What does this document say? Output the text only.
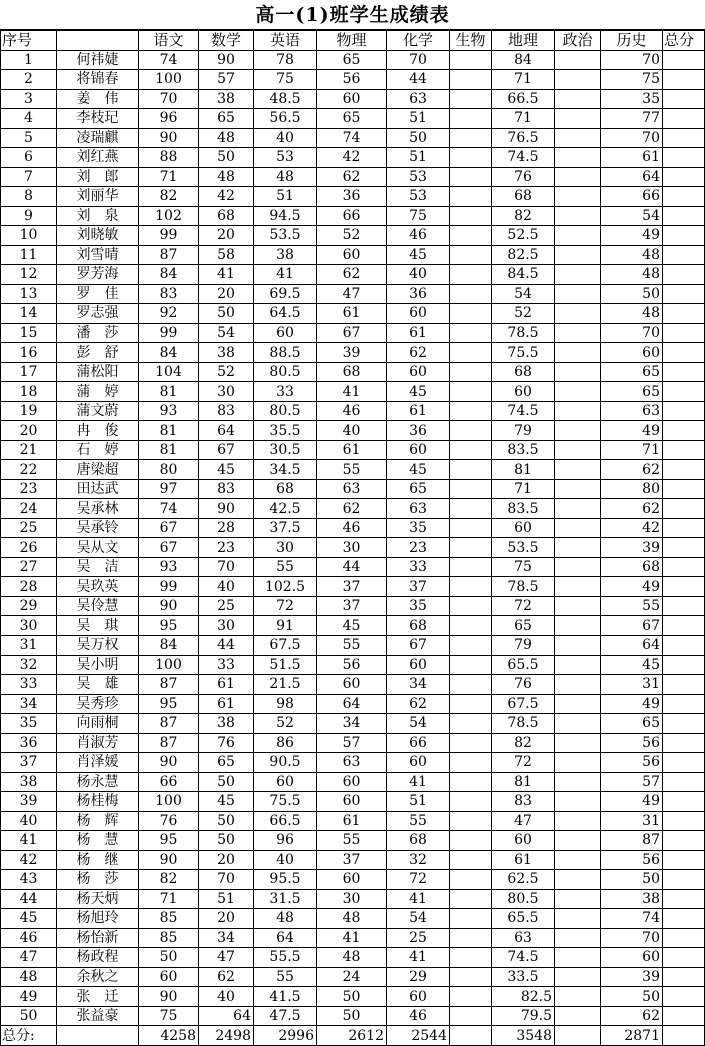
高一(1)班学生成绩表
序号		语文	数学	英语	物理	化学	生物	地理	政治	历史	总分
1	何祎婕	74	90	78	65	70		84		70	
2	将锦春	100	57	75	56	44		71		75	
3	姜　伟	70	38	48.5	60	63		66.5		35	
4	李枝玘	96	65	56.5	65	51		71		77	
5	凌瑞麒	90	48	40	74	50		76.5		70	
6	刘红燕	88	50	53	42	51		74.5		61	
7	刘　郎	71	48	48	62	53		76		64	
8	刘丽华	82	42	51	36	53		68		66	
9	刘　泉	102	68	94.5	66	75		82		54	
10	刘晓敏	99	20	53.5	52	46		52.5		49	
11	刘雪晴	87	58	38	60	45		82.5		48	
12	罗芳海	84	41	41	62	40		84.5		48	
13	罗　佳	83	20	69.5	47	36		54		50	
14	罗志强	92	50	64.5	61	60		52		48	
15	潘　莎	99	54	60	67	61		78.5		70	
16	彭　舒	84	38	88.5	39	62		75.5		60	
17	蒲松阳	104	52	80.5	68	60		68		65	
18	蒲　婷	81	30	33	41	45		60		65	
19	蒲文蔚	93	83	80.5	46	61		74.5		63	
20	冉　俊	81	64	35.5	40	36		79		49	
21	石　婷	81	67	30.5	61	60		83.5		71	
22	唐梁超	80	45	34.5	55	45		81		62	
23	田达武	97	83	68	63	65		71		80	
24	吴承林	74	90	42.5	62	63		83.5		62	
25	吴承铃	67	28	37.5	46	35		60		42	
26	吴从文	67	23	30	30	23		53.5		39	
27	吴　洁	93	70	55	44	33		75		68	
28	吴玖英	99	40	102.5	37	37		78.5		49	
29	吴伶慧	90	25	72	37	35		72		55	
30	吴　琪	95	30	91	45	68		65		67	
31	吴万权	84	44	67.5	55	67		79		64	
32	吴小明	100	33	51.5	56	60		65.5		45	
33	吴　雄	87	61	21.5	60	34		76		31	
34	吴秀珍	95	61	98	64	62		67.5		49	
35	向雨桐	87	38	52	34	54		78.5		65	
36	肖淑芳	87	76	86	57	66		82		56	
37	肖泽媛	90	65	90.5	63	60		72		56	
38	杨永慧	66	50	60	60	41		81		57	
39	杨桂梅	100	45	75.5	60	51		83		49	
40	杨　辉	76	50	66.5	61	55		47		31	
41	杨　慧	95	50	96	55	68		60		87	
42	杨　继	90	20	40	37	32		61		56	
43	杨　莎	82	70	95.5	60	72		62.5		50	
44	杨天炳	71	51	31.5	30	41		80.5		38	
45	杨旭玲	85	20	48	48	54		65.5		74	
46	杨怡新	85	34	64	41	25		63		70	
47	杨政程	50	47	55.5	48	41		74.5		60	
48	余秋之	60	62	55	24	29		33.5		39	
49	张　迁	90	40	41.5	50	60		82.5		50	
50	张益豪	75	64	47.5	50	46		79.5		62	
总分:		4258	2498	2996	2612	2544		3548		2871	
